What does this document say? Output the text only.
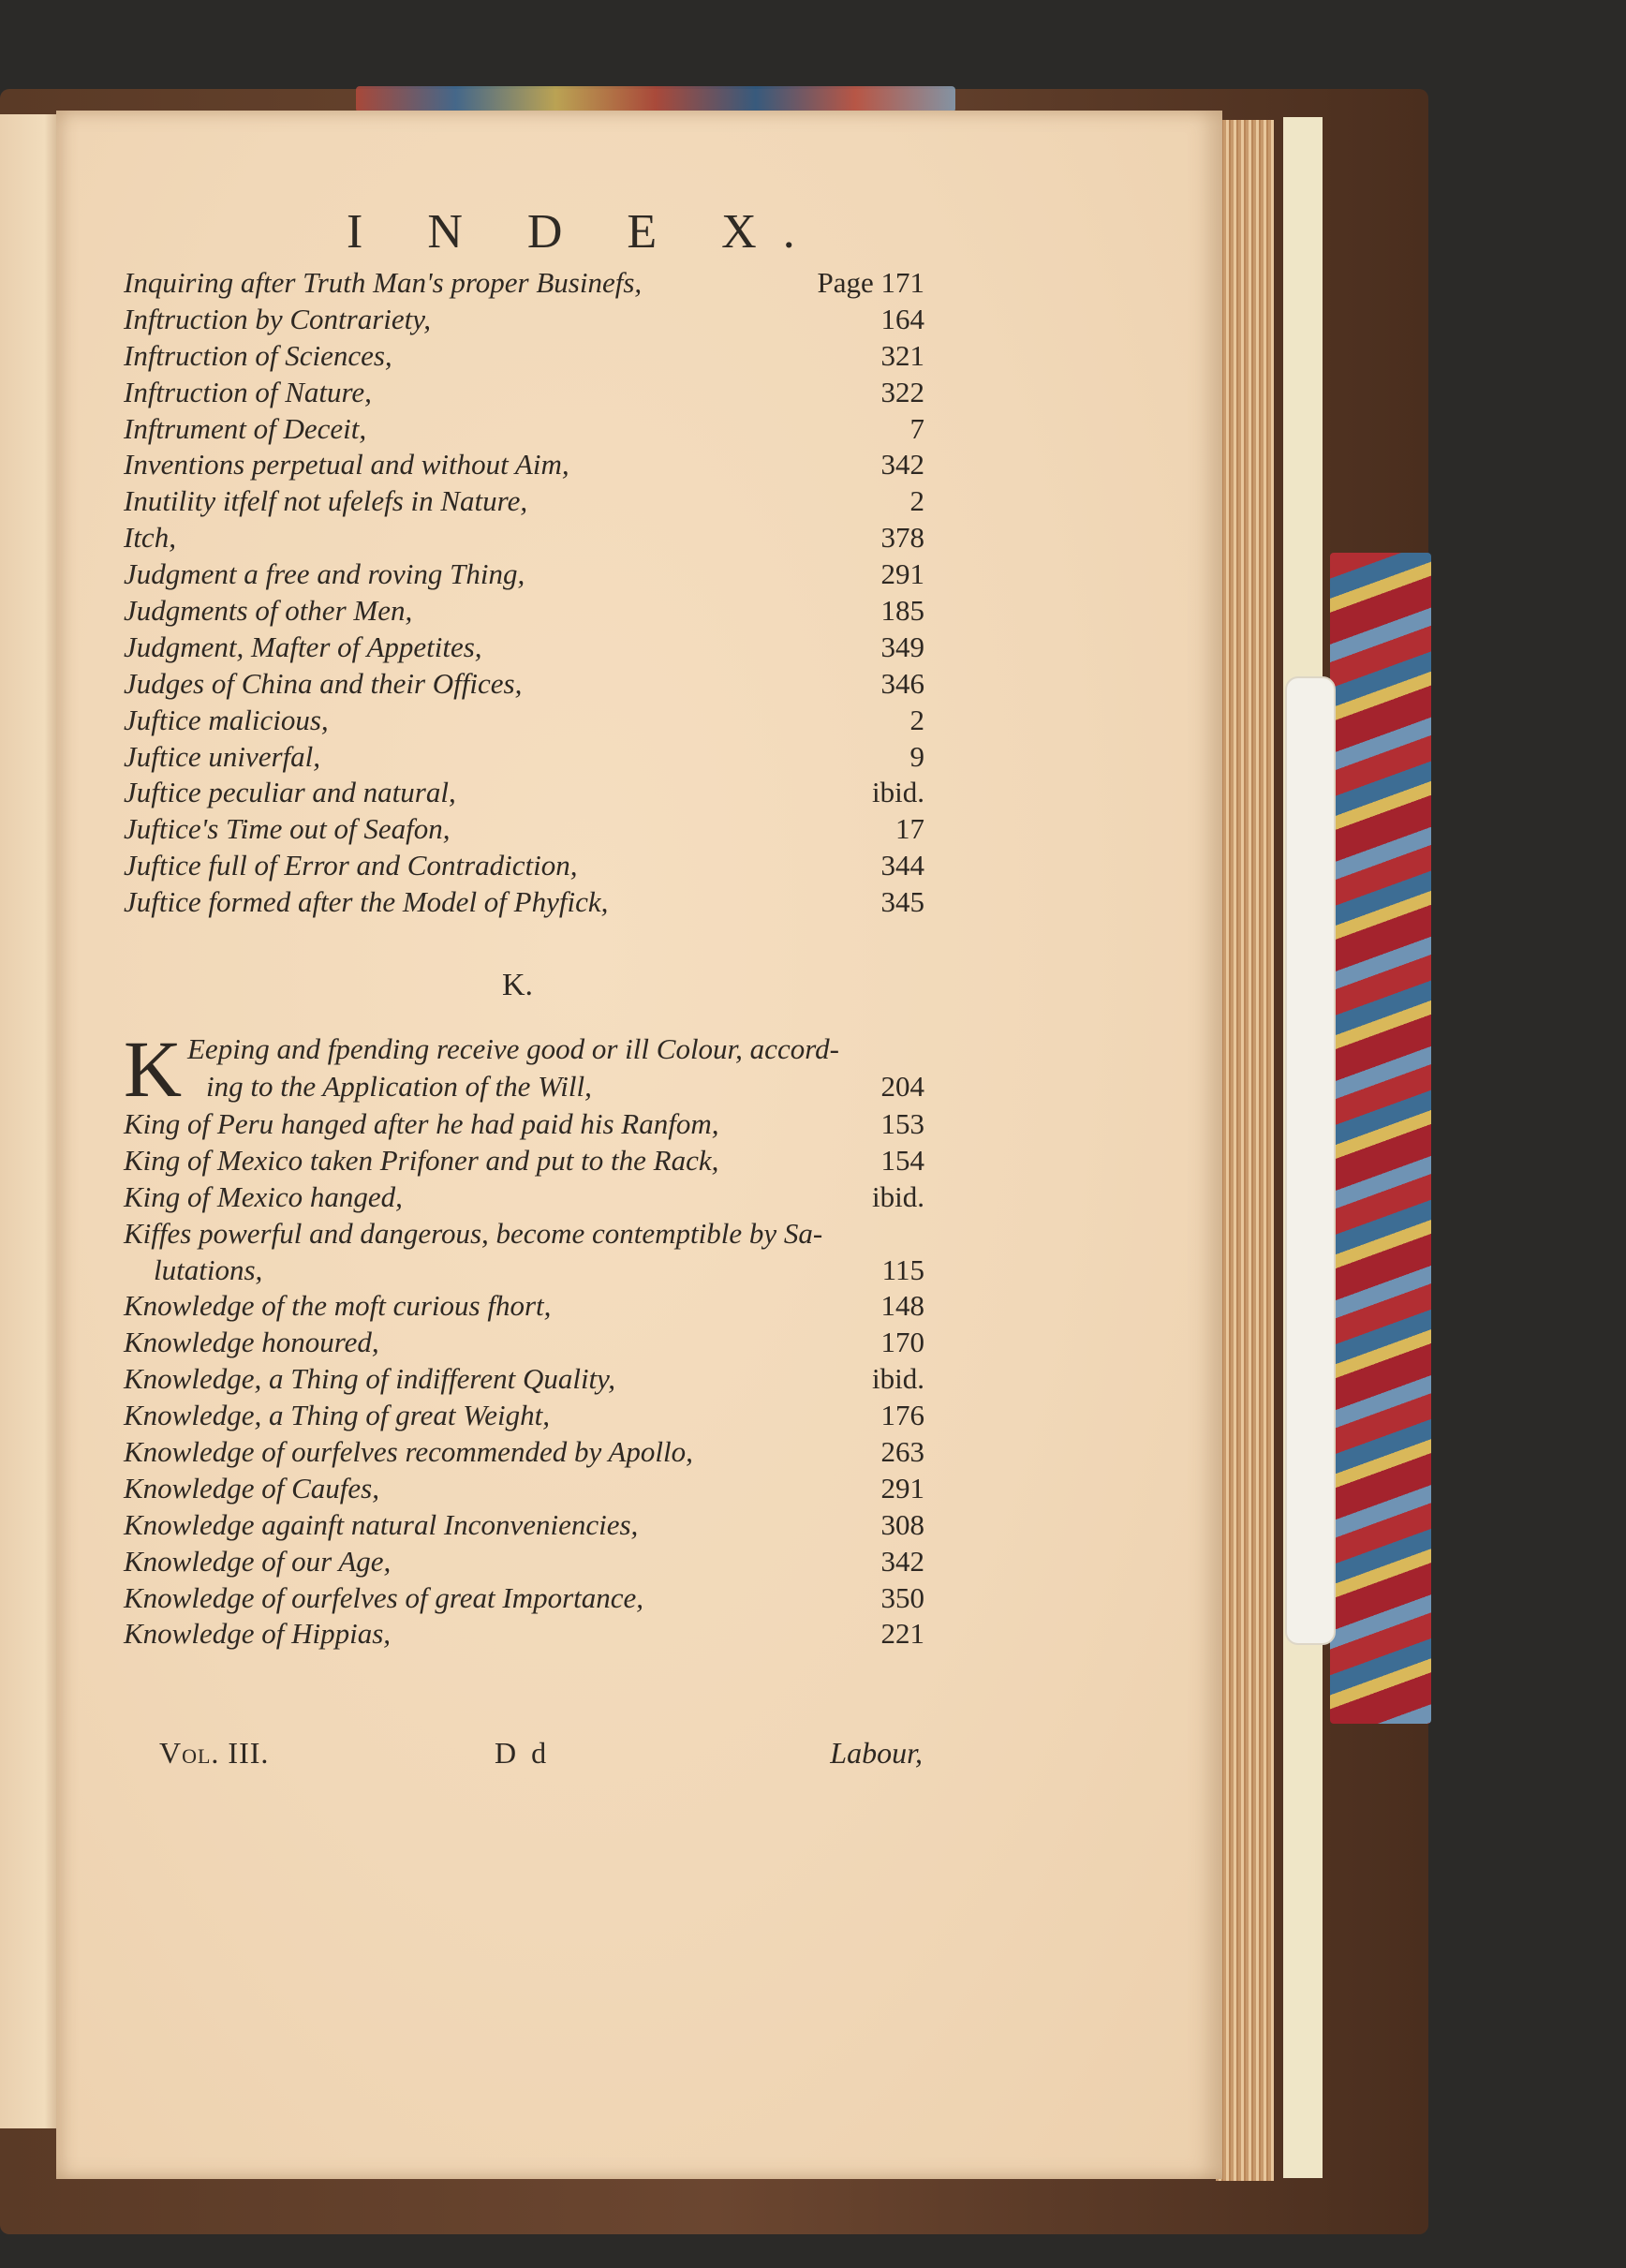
I N D E X.
Inquiring after Truth Man's proper Businefs,	Page 171
Inftruction by Contrariety,	164
Inftruction of Sciences,	321
Inftruction of Nature,	322
Inftrument of Deceit,	7
Inventions perpetual and without Aim,	342
Inutility itfelf not ufelefs in Nature,	2
Itch,	378
Judgment a free and roving Thing,	291
Judgments of other Men,	185
Judgment, Mafter of Appetites,	349
Judges of China and their Offices,	346
Juftice malicious,	2
Juftice univerfal,	9
Juftice peculiar and natural,	ibid.
Juftice's Time out of Seafon,	17
Juftice full of Error and Contradiction,	344
Juftice formed after the Model of Phyfick,	345
K.
K Eeping and fpending receive good or ill Colour, accord-
ing to the Application of the Will,	204
King of Peru hanged after he had paid his Ranfom,	153
King of Mexico taken Prifoner and put to the Rack,	154
King of Mexico hanged,	ibid.
Kiffes powerful and dangerous, become contemptible by Sa-
lutations,	115
Knowledge of the moft curious fhort,	148
Knowledge honoured,	170
Knowledge, a Thing of indifferent Quality,	ibid.
Knowledge, a Thing of great Weight,	176
Knowledge of ourfelves recommended by Apollo,	263
Knowledge of Caufes,	291
Knowledge againft natural Inconveniencies,	308
Knowledge of our Age,	342
Knowledge of ourfelves of great Importance,	350
Knowledge of Hippias,	221
Vol. III.	D d	Labour,
